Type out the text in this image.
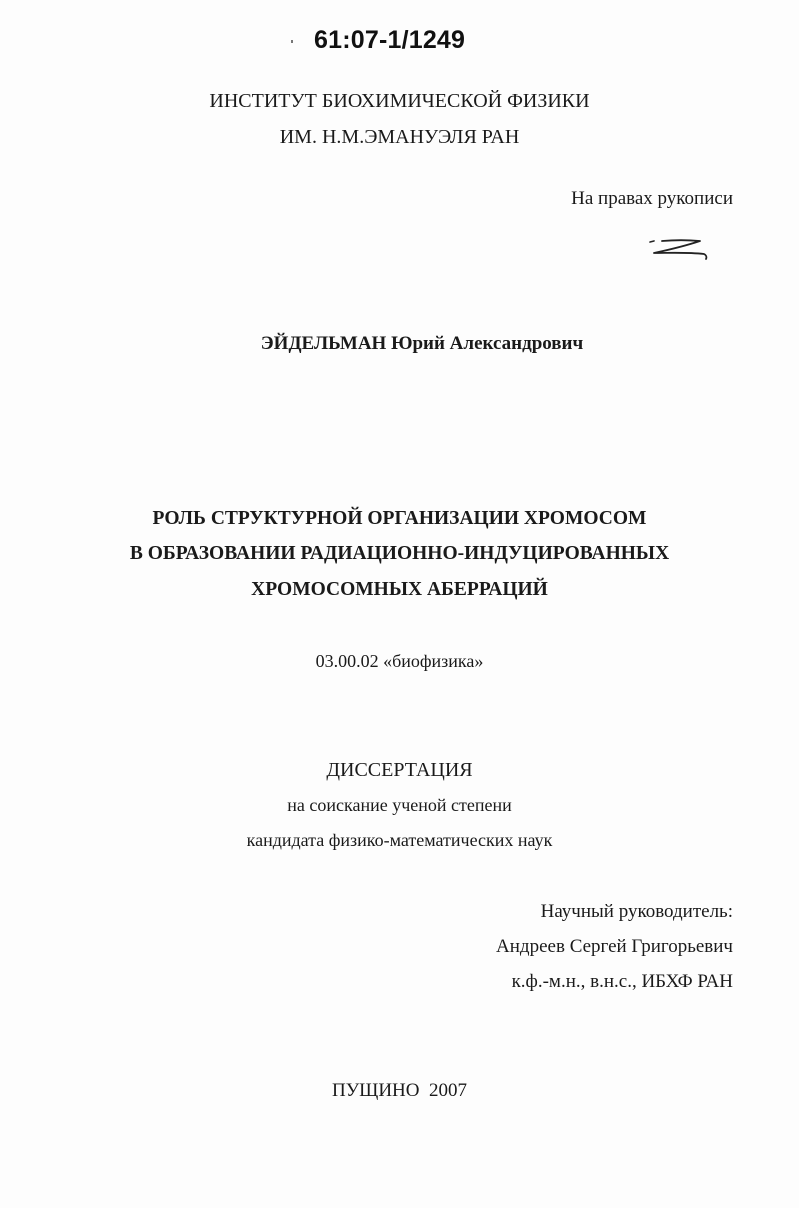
61:07-1/1249
ИНСТИТУТ БИОХИМИЧЕСКОЙ ФИЗИКИ
ИМ. Н.М.ЭМАНУЭЛЯ РАН
На правах рукописи
ЭЙДЕЛЬМАН Юрий Александрович
РОЛЬ СТРУКТУРНОЙ ОРГАНИЗАЦИИ ХРОМОСОМ
В ОБРАЗОВАНИИ РАДИАЦИОННО-ИНДУЦИРОВАННЫХ
ХРОМОСОМНЫХ АБЕРРАЦИЙ
03.00.02 «биофизика»
ДИССЕРТАЦИЯ
на соискание ученой степени
кандидата физико-математических наук
Научный руководитель:
Андреев Сергей Григорьевич
к.ф.-м.н., в.н.с., ИБХФ РАН
ПУЩИНО  2007
